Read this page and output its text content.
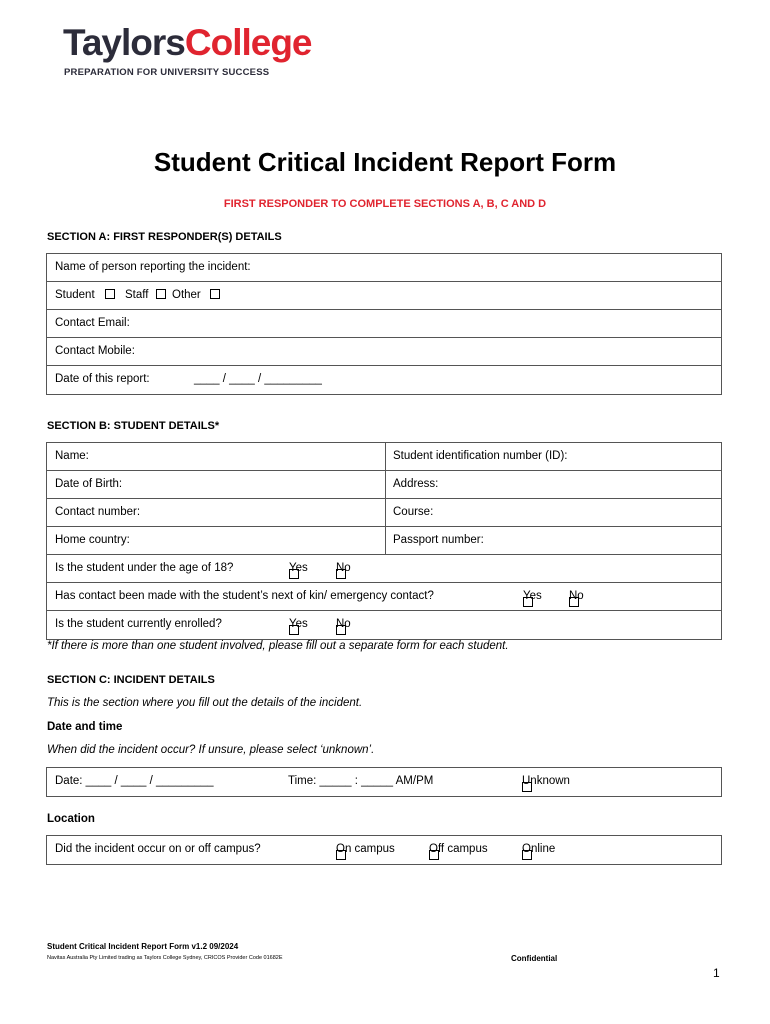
TaylorsCollege
PREPARATION FOR UNIVERSITY SUCCESS
Student Critical Incident Report Form
FIRST RESPONDER TO COMPLETE SECTIONS A, B, C AND D
SECTION A: FIRST RESPONDER(S) DETAILS
Name of person reporting the incident:
Student	Staff Other
Contact Email:
Contact Mobile:
Date of this report:	____ / ____ / _________
SECTION B: STUDENT DETAILS*
Name:	Student identification number (ID):
Date of Birth:	Address:
Contact number:	Course:
Home country:	Passport number:
Is the student under the age of 18?	Yes No
Has contact been made with the student’s next of kin/ emergency contact?	Yes No
Is the student currently enrolled?	Yes No
*If there is more than one student involved, please fill out a separate form for each student.
SECTION C: INCIDENT DETAILS
This is the section where you fill out the details of the incident.
Date and time
When did the incident occur? If unsure, please select ‘unknown’.
Date: ____ / ____ / _________	Time: _____ : _____ AM/PM	Unknown
Location
Did the incident occur on or off campus?	On campus	Off campus	Online
Student Critical Incident Report Form v1.2 09/2024
Navitas Australia Pty Limited trading as Taylors College Sydney, CRICOS Provider Code 01682E	Confidential
1
